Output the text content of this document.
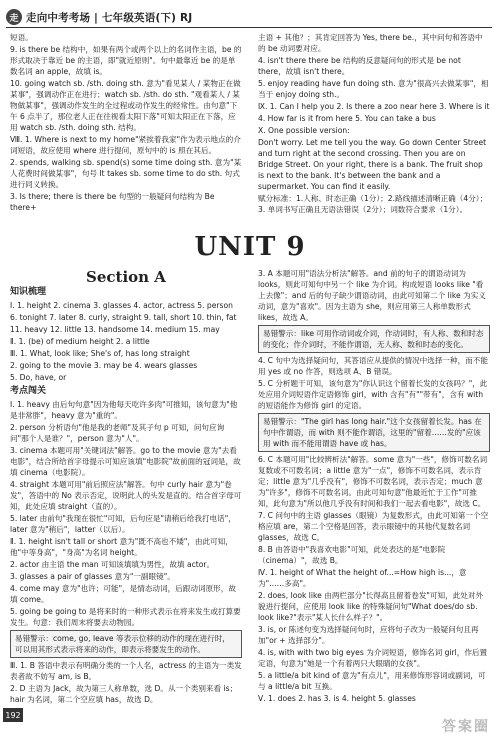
走 走向中考考场 | 七年级英语(下) RJ

短语。

9. is there be 结构中，如果有两个或两个以上的名词作主语，be 的形式取决于靠近 be 的主语，即"就近原则"。句中最靠近 be 的是单数名词 an apple，故填 is。

10. going watch sb. /sth. doing sth. 意为"看见某人 / 某物正在做某事"，强调动作正在进行；watch sb. /sth. do sth. "观看某人 / 某物做某事"，强调动作发生的全过程或动作发生的经常性。由句意"下午 6 点半了，那位老人正在往视看太阳下落"可知太阳正在下落，应用 watch sb. /sth. doing sth. 结构。

Ⅷ. 1. Where is next to my home"紧挨着我家"作为表示地点的介词短语，故应使用 where 进行提问，原句中的 is 照在其后。

2. spends, walking sb. spend(s) some time doing sth. 意为"某人花费时间做某事"，句号 It takes sb. some time to do sth. 句式进行同义转换。

3. Is there; there is there be 句型的一般疑问句结构为 Be there+

主语 + 其他？；其肯定回答为 Yes, there be.，其中问句和答语中的 be 动词要对应。

4. isn't there there be 结构的反意疑问句的形式是 be not there，故填 isn't there。

5. enjoy reading have fun doing sth. 意为"很高兴去做某事"，相当于 enjoy doing sth.。

Ⅸ. 1. Can I help you 2. Is there a zoo near here 3. Where is it

4. How far is it from here 5. You can take a bus

Ⅹ. One possible version:

Don't worry. Let me tell you the way. Go down Center Street and turn right at the second crossing. Then you are on Bridge Street. On your right, there is a bank. The fruit shop is next to the bank. It's between the bank and a supermarket. You can find it easily.

赋分标准：1.人称、时态正确（1分）；2.路线描述清晰正确（4分）；3. 单词书写正确且无语法错误（2分）；词数符合要求（1分）。

UNIT 9
Section A
知识梳理

Ⅰ. 1. height 2. cinema 3. glasses 4. actor, actress 5. person

6. tonight 7. later 8. curly, straight 9. tall, short 10. thin, fat

11. heavy 12. little 13. handsome 14. medium 15. may

Ⅱ. 1. (be) of medium height 2. a little

Ⅲ. 1. What, look like; She's of, has long straight

2. going to the movie 3. may be 4. wears glasses

5. Do, have, or

考点闯关

Ⅰ. 1. heavy 由后句句意"因为他每天吃许多肉"可推知，该句意为"他是非常胖"，heavy 意为"重的"。

2. person 分析语句"他是我的老师"及其子句 p 可知，问句应询问"那个人是谁？"，person 意为"人"。

3. cinema 本题可用"关键词法"解答。go to the movie 意为"去看电影"，结合所给首字母提示可知应该填"电影院"故前面的冠词是，故填 cinema（电影院）。

4. straight 本题可用"前后照应法"解答。句中 curly hair 意为"卷发"，答语中的 No 表示否定，说明此人的头发是直的。结合首字母可知，此处应填 straight（直的）。

5. later 由前句"我现在很忙"可知，后句应是"请稍后给我打电话"，later 意为"稍后"，latter（以后）。

Ⅱ. 1. height isn't tall or short 意为"既不高也不矮"，由此可知，他"中等身高"，"身高"为名词 height。

2. actor 由主语 the man 可知该填填为男性，故填 actor。

3. glasses a pair of glasses 意为"一副眼镜"。

4. come may 意为"也许；可能"，是情态动词，后跟动词原形，故填 come。

5. going be going to 是将来时的一种形式表示在将来发生或打算要发生。句意：我们周末将要去动物园。

易错警示：come, go, leave 等表示位移的动作的现在进行时，可以用其形式表示将来的动作，即表示将要发生的动作。

Ⅲ. 1. B 答语中表示有明确分类的一个人名，actress 的主语为一类发表者故不妨写 am, is B。

2. D 主语为 Jack，故为第三人称单数，选 D。从一个类别来看 is；hair 为名词，第二个空应填 has，故选 D。

3. A 本题可用"语法分析法"解答。and 前的句子的谓语动词为 looks，则此可知句中另一个 like 为介词。构成短语 looks like "看上去像"；and 后的句子缺少谓语动词，由此可知第二个 like 为实义动词，意为"喜欢"。因为主语为 she，则应用第三人称单数形式 likes，故选 A。

易错警示：like 可用作动词或介词，作动词时，有人称、数和时态的变化；作介词时，不能作谓语，无人称、数和时态的变化。

4. C 句中为选择疑问句，其答语应从提供的情况中选择一种，而不能用 yes 或 no 作答，则选项 A、B 错误。

5. C 分析题干可知，该句意为"你认识这个留着长发的女孩吗？"，此处应用介词短语作定语修饰 girl，with 含有"有""带有"，含有 with 的短语能作为修饰 girl 的定语。

易错警示："The girl has long hair."这个女孩留着长发。has 在句中作谓语，而 with 则不能作谓语，这里的"留着……发的"应该用 with 而不能用谓语 have 或 has。

6. C 本题可用"比较辨析法"解答。some 意为"一些"，修饰可数名词复数或不可数名词；a little 意为"一点"，修饰不可数名词，表示肯定；little 意为"几乎没有"，修饰不可数名词，表示否定；much 意为"许多"，修饰不可数名词。由此可知句意"他最近忙于工作"可推知，此句意为"所以他几乎没有时间和我们一起去看电影"，故选 C。

7. C 问句中的主语 glasses（眼镜）为复数形式，由此可知第一个空格应填 are，第二个空格是回答，表示眼镜中的其他代复数名词 glasses，故选 C。

8. B 由答语中"我喜欢电影"可知，此处表达的是"电影院（cinema）"，故选 B。

Ⅳ. 1. height of What the height of...=How high is...，意为"……多高"。

2. does, look like 由两栏部分"长得高且留着卷发"可知，此处对外貌进行提问，应使用 look like 的特殊疑问句"What does/do sb. look like?"表示"某人长什么样子？"。

3. is, or 陈述句变为选择疑问句时，应将句子改为一般疑问句且再加"or + 选择部分"。

4. is, with with two big eyes 为介词短语，修饰名词 girl，作后置定语，句意为"她是一个有着两只大眼睛的女孩"。

5. a little/a bit kind of 意为"有点儿"，用来修饰形容词或副词，可与 a little/a bit 互换。

Ⅴ. 1. does 2. has 3. is 4. height 5. glasses

192
答案圈
